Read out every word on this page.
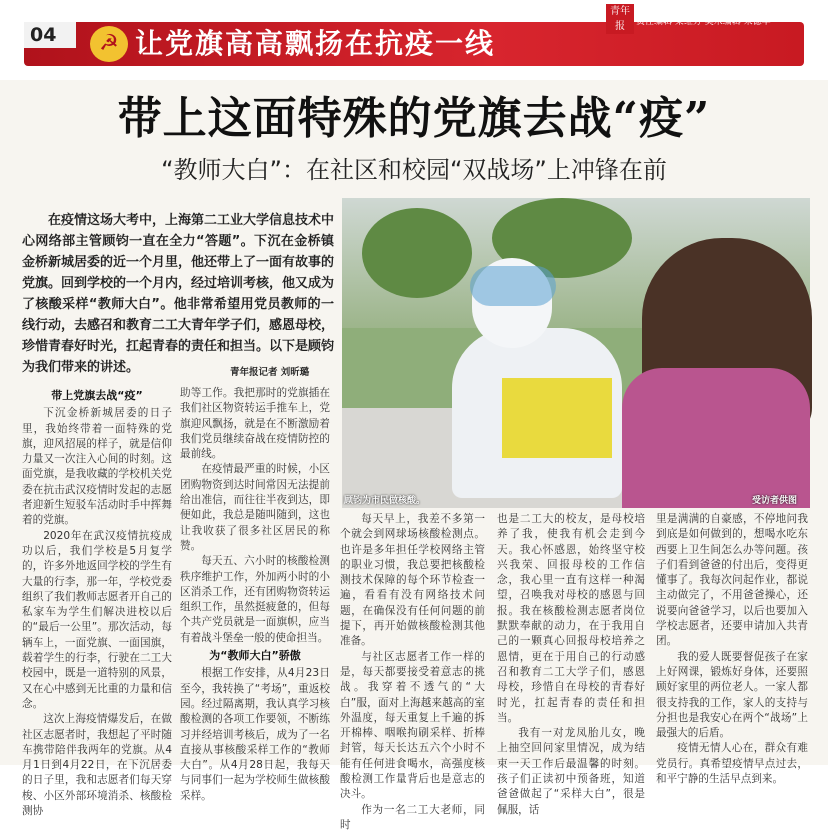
04	☭ 让党旗高高飘扬在抗疫一线
青年报
2022年5月26日 星期四
责任编辑 梁维芳 美术编辑 朱德华
带上这面特殊的党旗去战“疫”
“教师大白”：在社区和校园“双战场”上冲锋在前
在疫情这场大考中，上海第二工业大学信息技术中心网络部主管顾钧一直在全力“答题”。下沉在金桥镇金桥新城居委的近一个月里，他还带上了一面有故事的党旗。回到学校的一个月内，经过培训考核，他又成为了核酸采样“教师大白”。他非常希望用党员教师的一线行动，去感召和教育二工大青年学子们，感恩母校，珍惜青春好时光，扛起青春的责任和担当。以下是顾钧为我们带来的讲述。	青年报记者 刘昕璐
顾钧为市民做核酸。	受访者供图
带上党旗去战“疫”

下沉金桥新城居委的日子里，我始终带着一面特殊的党旗，迎风招展的样子，就是信仰力量又一次注入心间的时刻。这面党旗，是我收藏的学校机关党委在抗击武汉疫情时发起的志愿者迎新生短驳车活动时手中挥舞着的党旗。

2020年在武汉疫情抗疫成功以后，我们学校是5月复学的，许多外地返回学校的学生有大量的行李，那一年，学校党委组织了我们教师志愿者开自己的私家车为学生们解决进校以后的“最后一公里”。那次活动，每辆车上，一面党旗、一面国旗，载着学生的行李，行驶在二工大校园中，既是一道特别的风景，又在心中感到无比重的力量和信念。

这次上海疫情爆发后，在做社区志愿者时，我想起了平时随车携带陪伴我两年的党旗。从4月1日到4月22日，在下沉居委的日子里，我和志愿者们每天穿梭、小区外部环境消杀、核酸检测协

助等工作。我把那时的党旗插在我们社区物资转运手推车上，党旗迎风飘扬，就是在不断激励着我们党员继续奋战在疫情防控的最前线。

在疫情最严重的时候，小区团购物资到达时间常因无法提前给出准信，而往往半夜到达，即便如此，我总是随叫随到，这也让我收获了很多社区居民的称赞。

每天五、六小时的核酸检测秩序维护工作，外加两小时的小区消杀工作，还有团购物资转运组织工作，虽然挺疲惫的，但每个共产党员就是一面旗帜，应当有着战斗堡垒一般的使命担当。

为“教师大白”骄傲

根据工作安排，从4月23日至今，我转换了“考场”，重返校园。经过隔离期，我认真学习核酸检测的各项工作要领，不断练习并经培训考核后，成为了一名直接从事核酸采样工作的“教师大白”。从4月28日起，我每天与同事们一起为学校师生做核酸采样。

每天早上，我差不多第一个就会到网球场核酸检测点。也许是多年担任学校网络主管的职业习惯，我总要把核酸检测技术保障的每个环节检查一遍，看看有没有网络技术问题，在确保没有任何问题的前提下，再开始做核酸检测其他准备。

与社区志愿者工作一样的是，每天都要接受着意志的挑战。我穿着不透气的“大白”服，面对上海越来越高的室外温度，每天重复上千遍的拆开棉棒、咽喉拘刷采样、折棒封管，每天长达五六个小时不能有任何进食喝水，高强度核酸检测工作量背后也是意志的决斗。

作为一名二工大老师，同时

也是二工大的校友，是母校培养了我，使我有机会走到今天。我心怀感恩，始终坚守校兴我荣、回报母校的工作信念，我心里一直有这样一种渴望，召唤我对母校的感恩与回报。我在核酸检测志愿者岗位默默奉献的动力，在于我用自己的一颗真心回报母校培养之恩情，更在于用自己的行动感召和教育二工大学子们，感恩母校，珍惜自在母校的青春好时光，扛起青春的责任和担当。

我有一对龙凤胎儿女，晚上抽空回问家里情况，成为结束一天工作后最温馨的时刻。孩子们正读初中预备班，知道爸爸做起了“采样大白”，很是佩服，话

里是满满的自豪感，不停地问我到底是如何做到的，想喝水吃东西要上卫生间怎么办等问题。孩子们看到爸爸的付出后，变得更懂事了。我每次问起作业，都说主动做完了，不用爸爸操心，还说要向爸爸学习，以后也要加入学校志愿者，还要申请加入共青团。

我的爱人既要督促孩子在家上好网课，锻炼好身体，还要照顾好家里的两位老人。一家人都很支持我的工作，家人的支持与分担也是我安心在两个“战场”上最强大的后盾。

疫情无情人心在，群众有难党员行。真希望疫情早点过去，和平宁静的生活早点到来。
